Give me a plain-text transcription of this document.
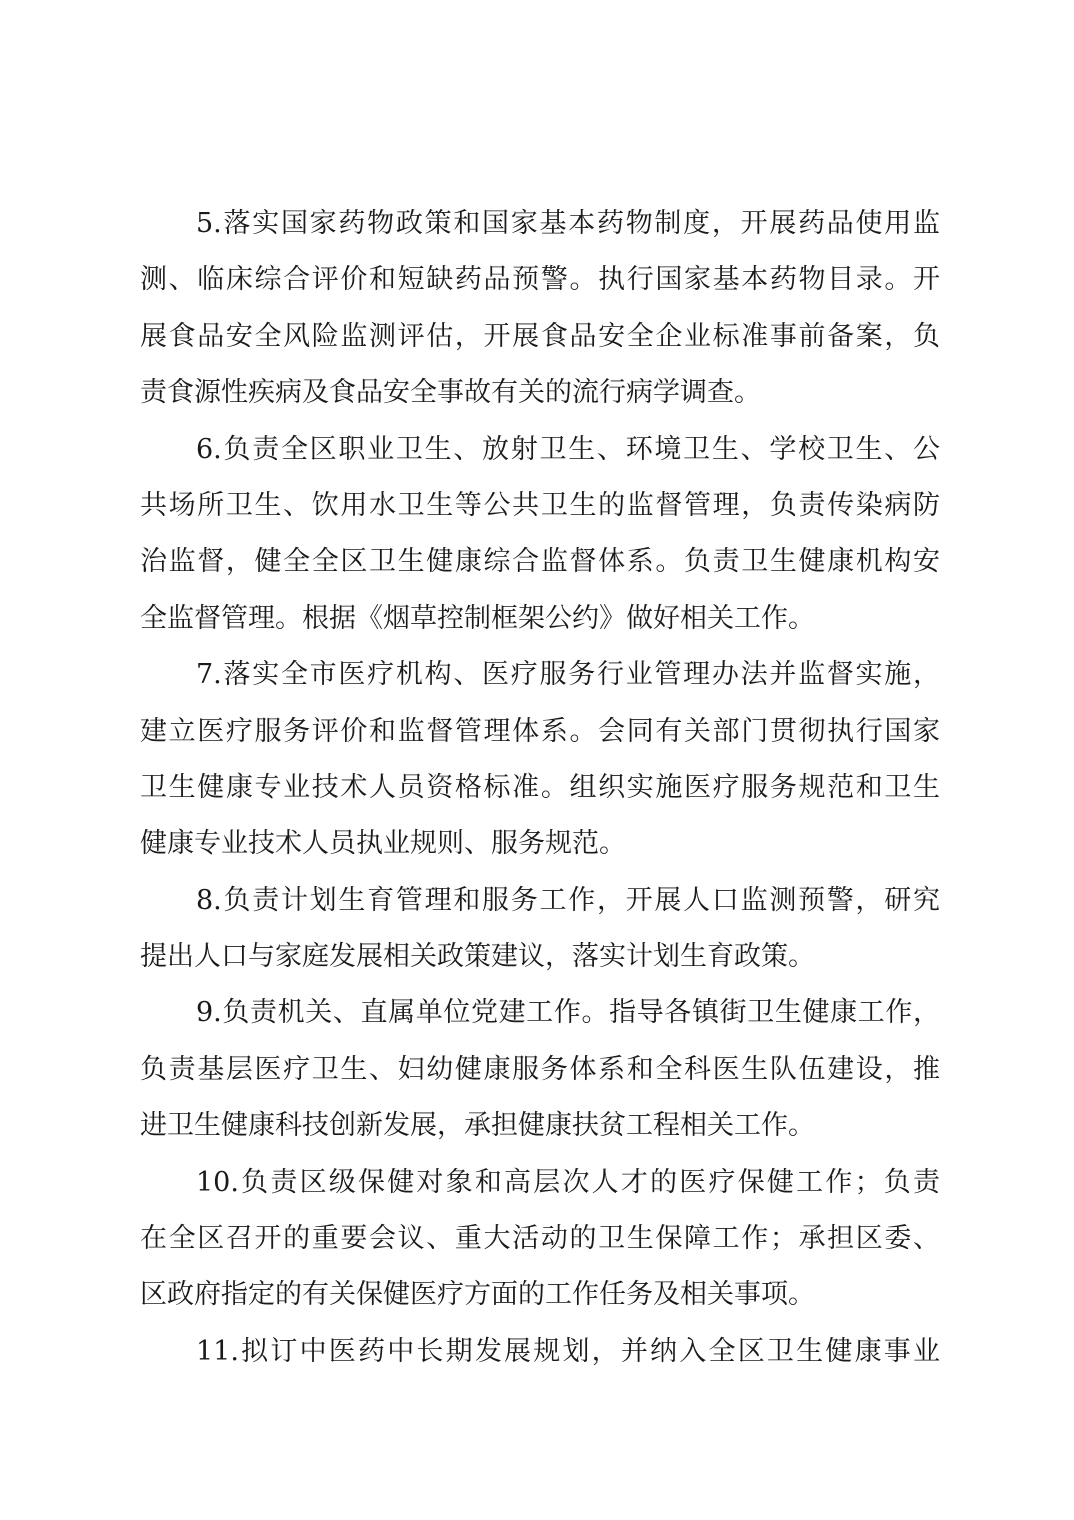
5.落实国家药物政策和国家基本药物制度，开展药品使用监
测、临床综合评价和短缺药品预警。执行国家基本药物目录。开
展食品安全风险监测评估，开展食品安全企业标准事前备案，负
责食源性疾病及食品安全事故有关的流行病学调查。
6.负责全区职业卫生、放射卫生、环境卫生、学校卫生、公
共场所卫生、饮用水卫生等公共卫生的监督管理，负责传染病防
治监督，健全全区卫生健康综合监督体系。负责卫生健康机构安
全监督管理。根据《烟草控制框架公约》做好相关工作。
7.落实全市医疗机构、医疗服务行业管理办法并监督实施，
建立医疗服务评价和监督管理体系。会同有关部门贯彻执行国家
卫生健康专业技术人员资格标准。组织实施医疗服务规范和卫生
健康专业技术人员执业规则、服务规范。
8.负责计划生育管理和服务工作，开展人口监测预警，研究
提出人口与家庭发展相关政策建议，落实计划生育政策。
9.负责机关、直属单位党建工作。指导各镇街卫生健康工作，
负责基层医疗卫生、妇幼健康服务体系和全科医生队伍建设，推
进卫生健康科技创新发展，承担健康扶贫工程相关工作。
10.负责区级保健对象和高层次人才的医疗保健工作；负责
在全区召开的重要会议、重大活动的卫生保障工作；承担区委、
区政府指定的有关保健医疗方面的工作任务及相关事项。
11.拟订中医药中长期发展规划，并纳入全区卫生健康事业
